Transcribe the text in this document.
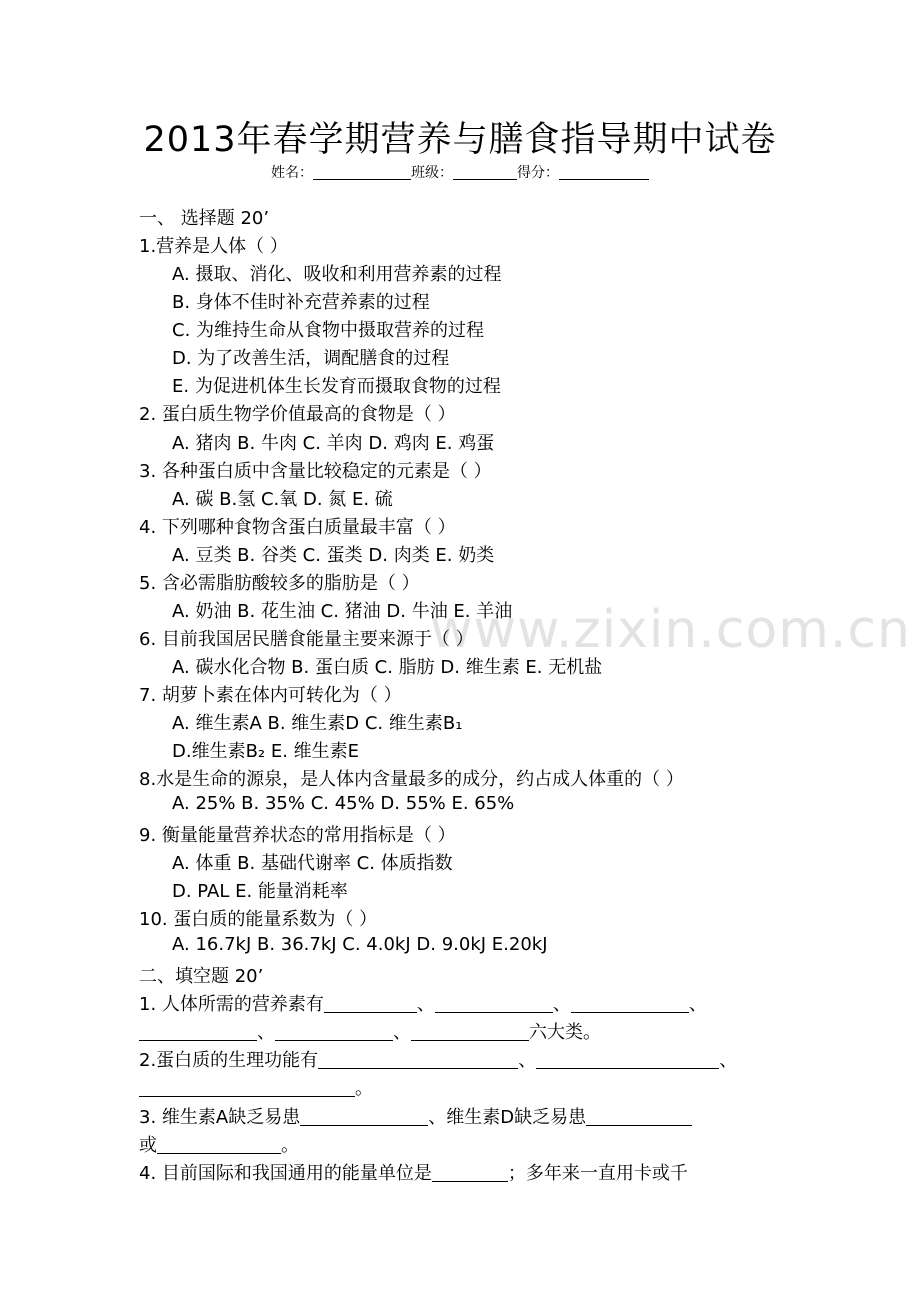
www.zixin.com.cn
2013年春学期营养与膳食指导期中试卷
姓名：	班级：	得分：
一、 选择题 20’
1.营养是人体（ ）
A. 摄取、消化、吸收和利用营养素的过程
B. 身体不佳时补充营养素的过程
C. 为维持生命从食物中摄取营养的过程
D. 为了改善生活，调配膳食的过程
E. 为促进机体生长发育而摄取食物的过程
2. 蛋白质生物学价值最高的食物是（ ）
A. 猪肉 B. 牛肉 C. 羊肉 D. 鸡肉 E. 鸡蛋
3. 各种蛋白质中含量比较稳定的元素是（ ）
A. 碳 B.氢 C.氧 D. 氮 E. 硫
4. 下列哪种食物含蛋白质量最丰富（ ）
A. 豆类 B. 谷类 C. 蛋类 D. 肉类 E. 奶类
5. 含必需脂肪酸较多的脂肪是（ ）
A. 奶油 B. 花生油 C. 猪油 D. 牛油 E. 羊油
6. 目前我国居民膳食能量主要来源于（ ）
A. 碳水化合物 B. 蛋白质 C. 脂肪 D. 维生素 E. 无机盐
7. 胡萝卜素在体内可转化为（ ）
A. 维生素A B. 维生素D C. 维生素B₁
D.维生素B₂ E. 维生素E
8.水是生命的源泉，是人体内含量最多的成分，约占成人体重的（ ）
A. 25% B. 35% C. 45% D. 55% E. 65%
9. 衡量能量营养状态的常用指标是（ ）
A. 体重 B. 基础代谢率 C. 体质指数
D. PAL E. 能量消耗率
10. 蛋白质的能量系数为（ ）
A. 16.7kJ B. 36.7kJ C. 4.0kJ D. 9.0kJ E.20kJ
二、填空题 20’
1. 人体所需的营养素有	、	、	、
、	、	六大类。
2.蛋白质的生理功能有	、	、
。
3. 维生素A缺乏易患	、维生素D缺乏易患
或	。
4. 目前国际和我国通用的能量单位是	；多年来一直用卡或千
